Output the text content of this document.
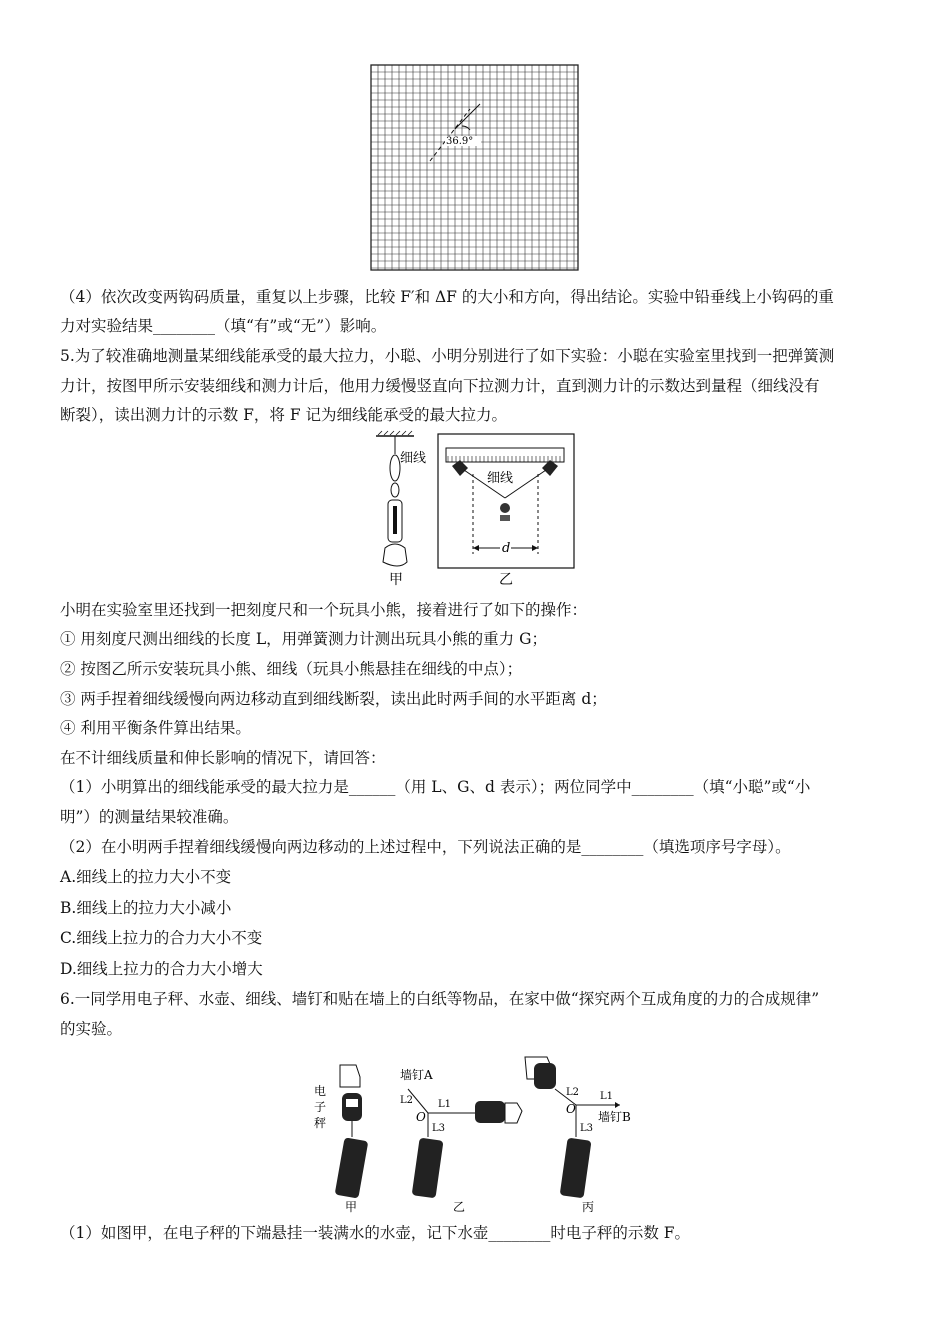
36.9°
（4）依次改变两钩码质量，重复以上步骤，比较 F′和 ΔF 的大小和方向，得出结论。实验中铅垂线上小钩码的重
力对实验结果________（填“有”或“无”）影响。
5.为了较准确地测量某细线能承受的最大拉力，小聪、小明分别进行了如下实验：小聪在实验室里找到一把弹簧测
力计，按图甲所示安装细线和测力计后，他用力缓慢竖直向下拉测力计，直到测力计的示数达到量程（细线没有
断裂），读出测力计的示数 F，将 F 记为细线能承受的最大拉力。
细线
甲
细线
d
乙
小明在实验室里还找到一把刻度尺和一个玩具小熊，接着进行了如下的操作：
① 用刻度尺测出细线的长度 L，用弹簧测力计测出玩具小熊的重力 G；
② 按图乙所示安装玩具小熊、细线（玩具小熊悬挂在细线的中点）；
③ 两手捏着细线缓慢向两边移动直到细线断裂，读出此时两手间的水平距离 d；
④ 利用平衡条件算出结果。
在不计细线质量和伸长影响的情况下，请回答：
（1）小明算出的细线能承受的最大拉力是______（用 L、G、d 表示）；两位同学中________（填“小聪”或“小
明”）的测量结果较准确。
（2）在小明两手捏着细线缓慢向两边移动的上述过程中，下列说法正确的是________（填选项序号字母）。
A.细线上的拉力大小不变
B.细线上的拉力大小减小
C.细线上拉力的合力大小不变
D.细线上拉力的合力大小增大
6.一同学用电子秤、水壶、细线、墙钉和贴在墙上的白纸等物品，在家中做“探究两个互成角度的力的合成规律”
的实验。
电
子
秤
甲
墙钉A
L2
O
L1
L3
乙
L2
O
L1
墙钉B
L3
丙
（1）如图甲，在电子秤的下端悬挂一装满水的水壶，记下水壶________时电子秤的示数 F。
